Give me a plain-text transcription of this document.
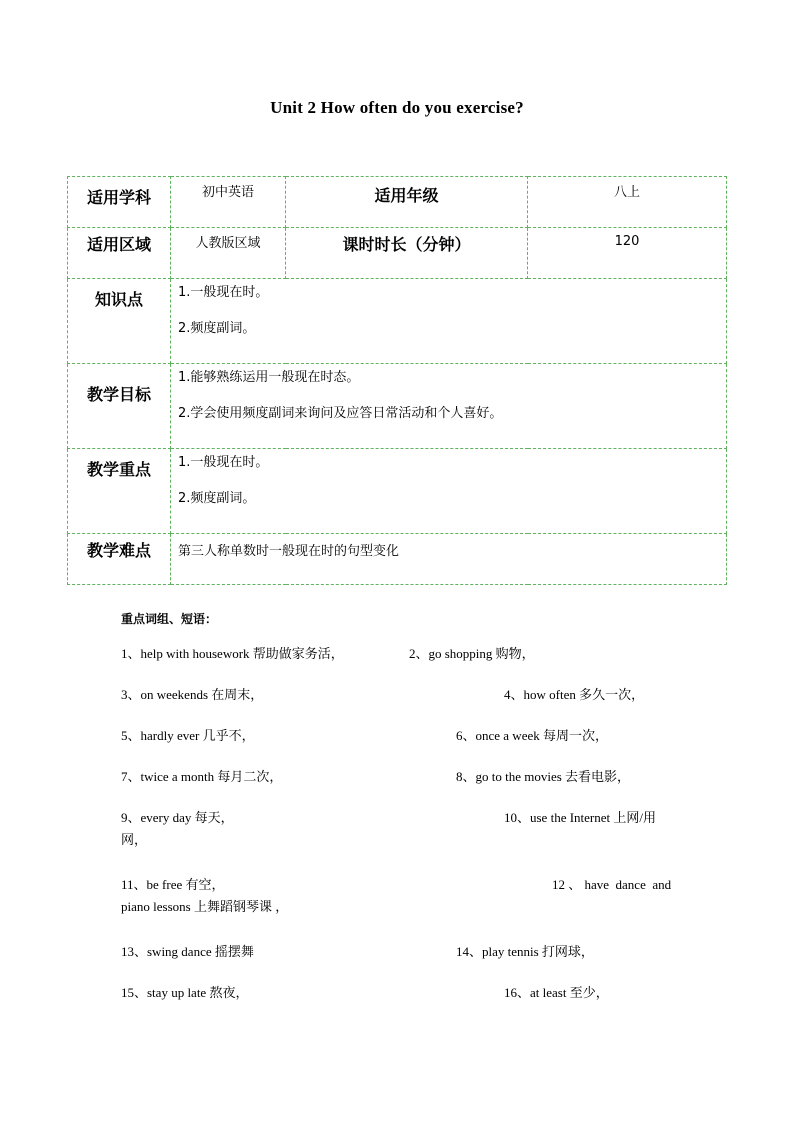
Unit 2 How often do you exercise?
适用学科	初中英语	适用年级	八上
适用区域	人教版区域	课时时长（分钟）	120
知识点	1.一般现在时。

2.频度副词。		

教学目标	1.能够熟练运用一般现在时态。

2.学会使用频度副词来询问及应答日常活动和个人喜好。		

教学重点	1.一般现在时。

2.频度副词。		

教学难点	第三人称单数时一般现在时的句型变化		
重点词组、短语：
1、help with housework 帮助做家务活，	2、go shopping 购物，
3、on weekends 在周末，	4、how often 多久一次，
5、hardly ever 几乎不，	6、once a week 每周一次，
7、twice a month 每月二次，	8、go to the movies 去看电影，
9、every day 每天，	10、use the Internet 上网/用
网，
11、be free 有空，	12 、 have  dance  and
piano lessons 上舞蹈钢琴课 ，
13、swing dance 摇摆舞	14、play tennis 打网球，
15、stay up late 熬夜，	16、at least 至少，
